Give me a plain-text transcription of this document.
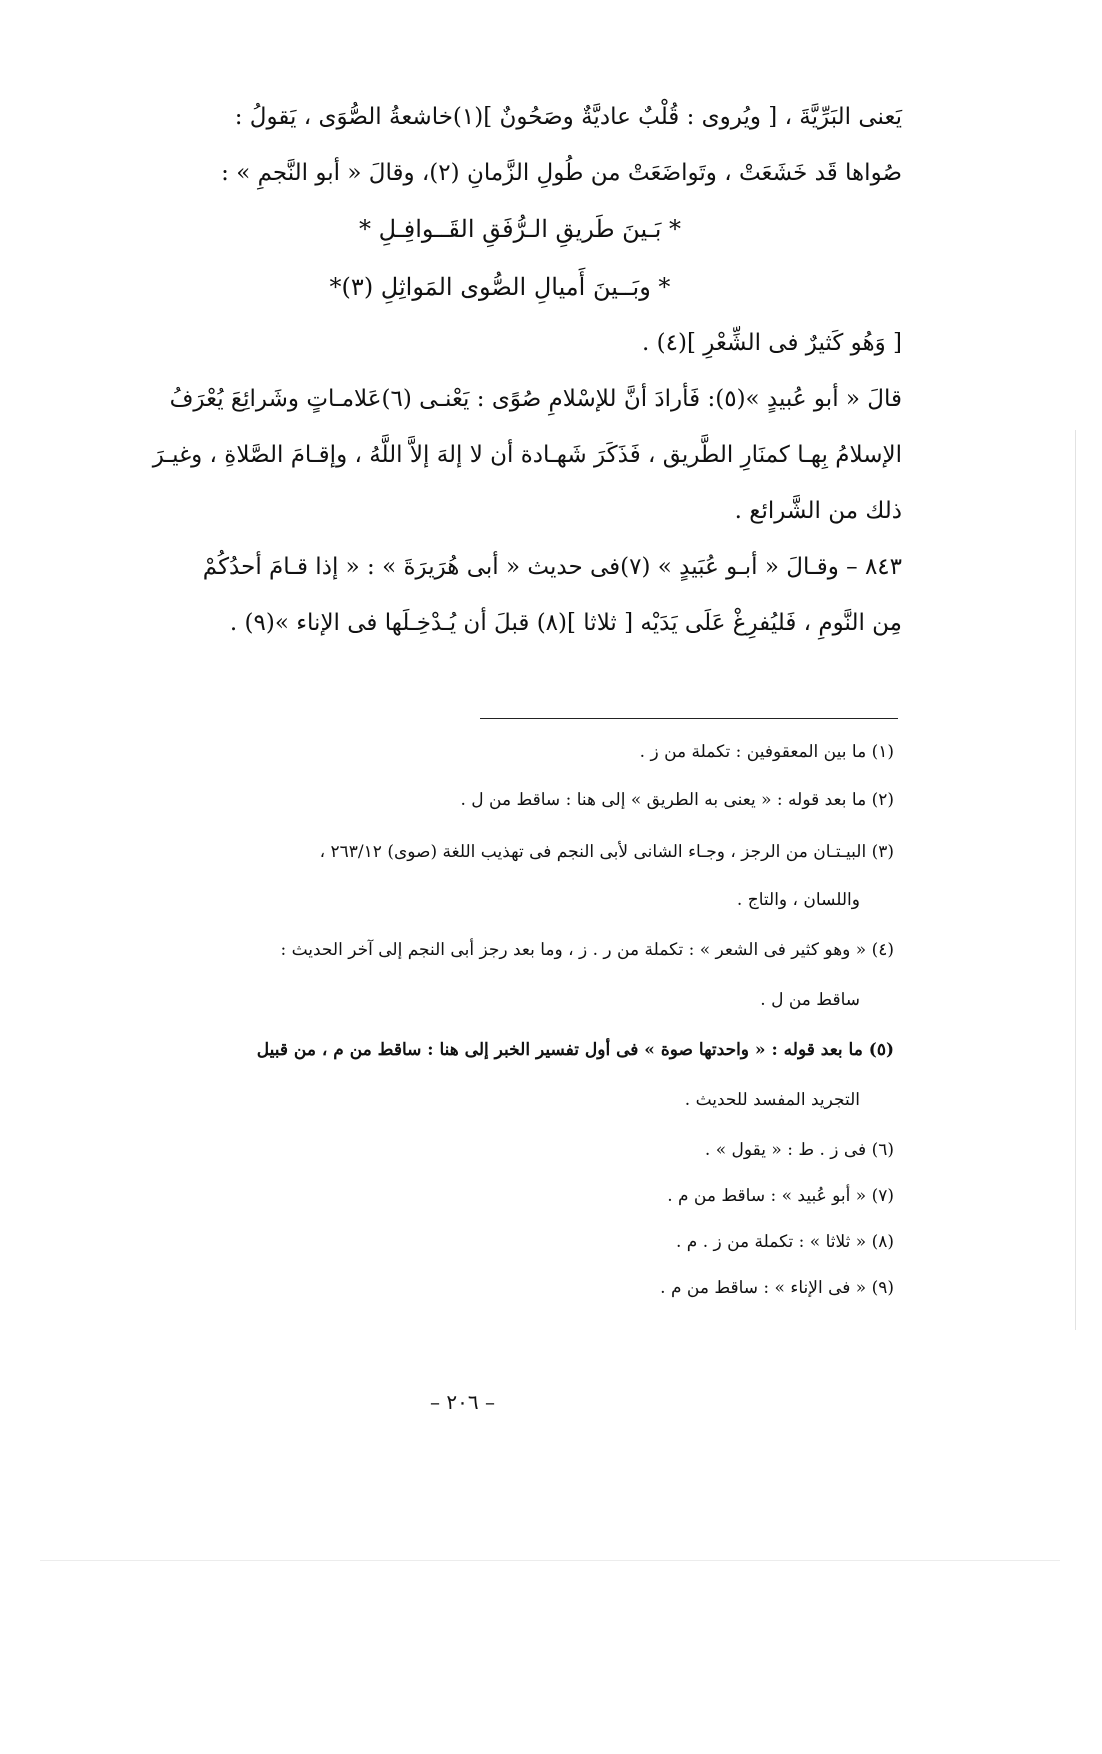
يَعنى البَرِّيَّةَ ، [ ويُروى : قُلْبٌ عاديَّةٌ وصَحُونٌ ](١)خاشعةُ الصُّوَى ، يَقولُ :
صُواها قَد خَشَعَتْ ، وتَواضَعَتْ من طُولِ الزَّمانِ (٢)، وقالَ « أبو النَّجمِ » :
* بَـينَ طَريقِ الـرُّفَقِ القَــوافِـلِ *
* وبَــينَ أَميالِ الصُّوى المَواثِلِ (٣)*
[ وَهُو كَثيرٌ فى الشِّعْرِ ](٤) .
قالَ « أبو عُبيدٍ »(٥): فَأرادَ أنَّ للإسْلامِ صُوًى : يَعْنـى (٦)عَلامـاتٍ وشَرائِعَ يُعْرَفُ
الإسلامُ بِهـا كمنَارِ الطَّريق ، فَذَكَرَ شَهـادة أن لا إلهَ إلاَّ اللَّهُ ، وإقـامَ الصَّلاةِ ، وغيـرَ
ذلك من الشَّرائع .
٨٤٣ – وقـالَ « أبـو عُبَيدٍ » (٧)فى حديث « أبى هُرَيرَةَ » : « إذا قـامَ أحدُكُمْ
مِن النَّومِ ، فَليُفرِغْ عَلَى يَدَيْه [ ثلاثا ](٨) قبلَ أن يُـدْخِـلَها فى الإناء »(٩) .
(١) ما بين المعقوفين : تكملة من ز .
(٢) ما بعد قوله : « يعنى به الطريق » إلى هنا : ساقط من ل .
(٣) البيـتـان من الرجز ، وجـاء الشانى لأبى النجم فى تهذيب اللغة (صوى) ٢٦٣/١٢ ،
واللسان ، والتاج .
(٤) « وهو كثير فى الشعر » : تكملة من ر . ز ، وما بعد رجز أبى النجم إلى آخر الحديث :
ساقط من ل .
(٥) ما بعد قوله : « واحدتها صوة » فى أول تفسير الخبر إلى هنا : ساقط من م ، من قبيل
التجريد المفسد للحديث .
(٦) فى ز . ط : « يقول » .
(٧) « أبو عُبيد » : ساقط من م .
(٨) « ثلاثا » : تكملة من ز . م .
(٩) « فى الإناء » : ساقط من م .
– ٢٠٦ –
